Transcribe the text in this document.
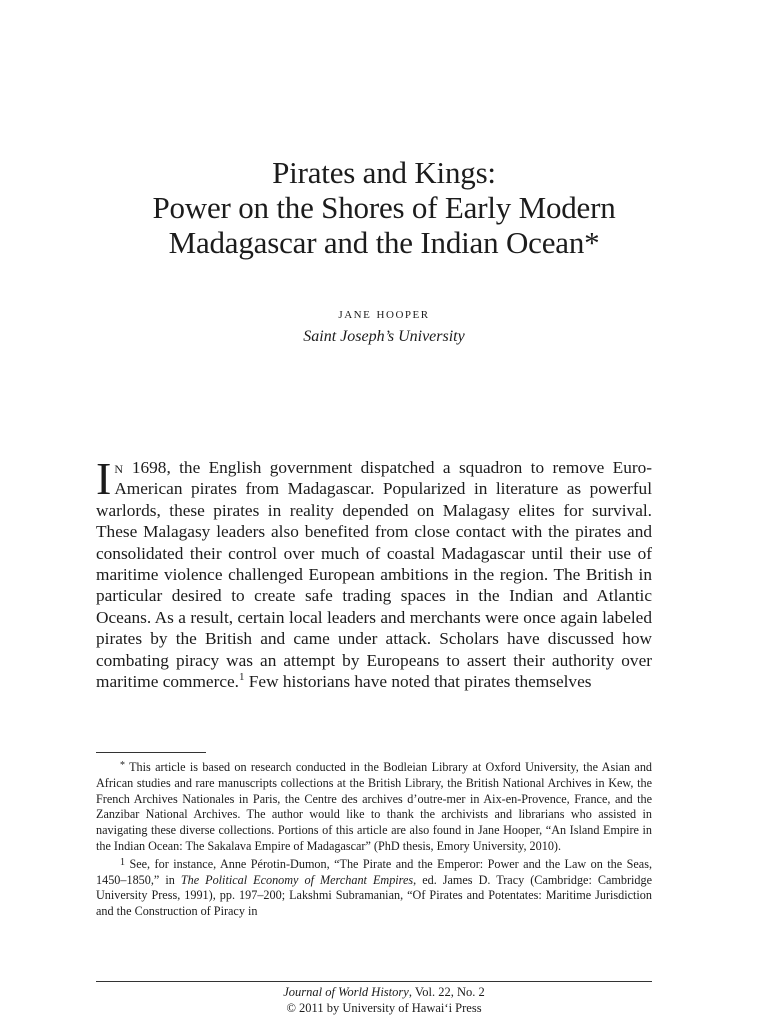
Pirates and Kings:
Power on the Shores of Early Modern
Madagascar and the Indian Ocean*
jane hooper
Saint Joseph’s University
In 1698, the English government dispatched a squadron to remove Euro-American pirates from Madagascar. Popularized in literature as powerful warlords, these pirates in reality depended on Malagasy elites for survival. These Malagasy leaders also benefited from close contact with the pirates and consolidated their control over much of coastal Madagascar until their use of maritime violence challenged European ambitions in the region. The British in particular desired to create safe trading spaces in the Indian and Atlantic Oceans. As a result, certain local leaders and merchants were once again labeled pirates by the British and came under attack. Scholars have discussed how combating piracy was an attempt by Europeans to assert their authority over maritime commerce.$^1$ Few historians have noted that pirates themselves

* This article is based on research conducted in the Bodleian Library at Oxford University, the Asian and African studies and rare manuscripts collections at the British Library, the British National Archives in Kew, the French Archives Nationales in Paris, the Centre des archives d’outre-mer in Aix-en-Provence, France, and the Zanzibar National Archives. The author would like to thank the archivists and librarians who assisted in navigating these diverse collections. Portions of this article are also found in Jane Hooper, “An Island Empire in the Indian Ocean: The Sakalava Empire of Madagascar” (PhD thesis, Emory University, 2010).

$^1$ See, for instance, Anne Pérotin-Dumon, “The Pirate and the Emperor: Power and the Law on the Seas, 1450–1850,” in The Political Economy of Merchant Empires, ed. James D. Tracy (Cambridge: Cambridge University Press, 1991), pp. 197–200; Lakshmi Subramanian, “Of Pirates and Potentates: Maritime Jurisdiction and the Construction of Piracy in

Journal of World History, Vol. 22, No. 2
© 2011 by University of Hawai‘i Press
